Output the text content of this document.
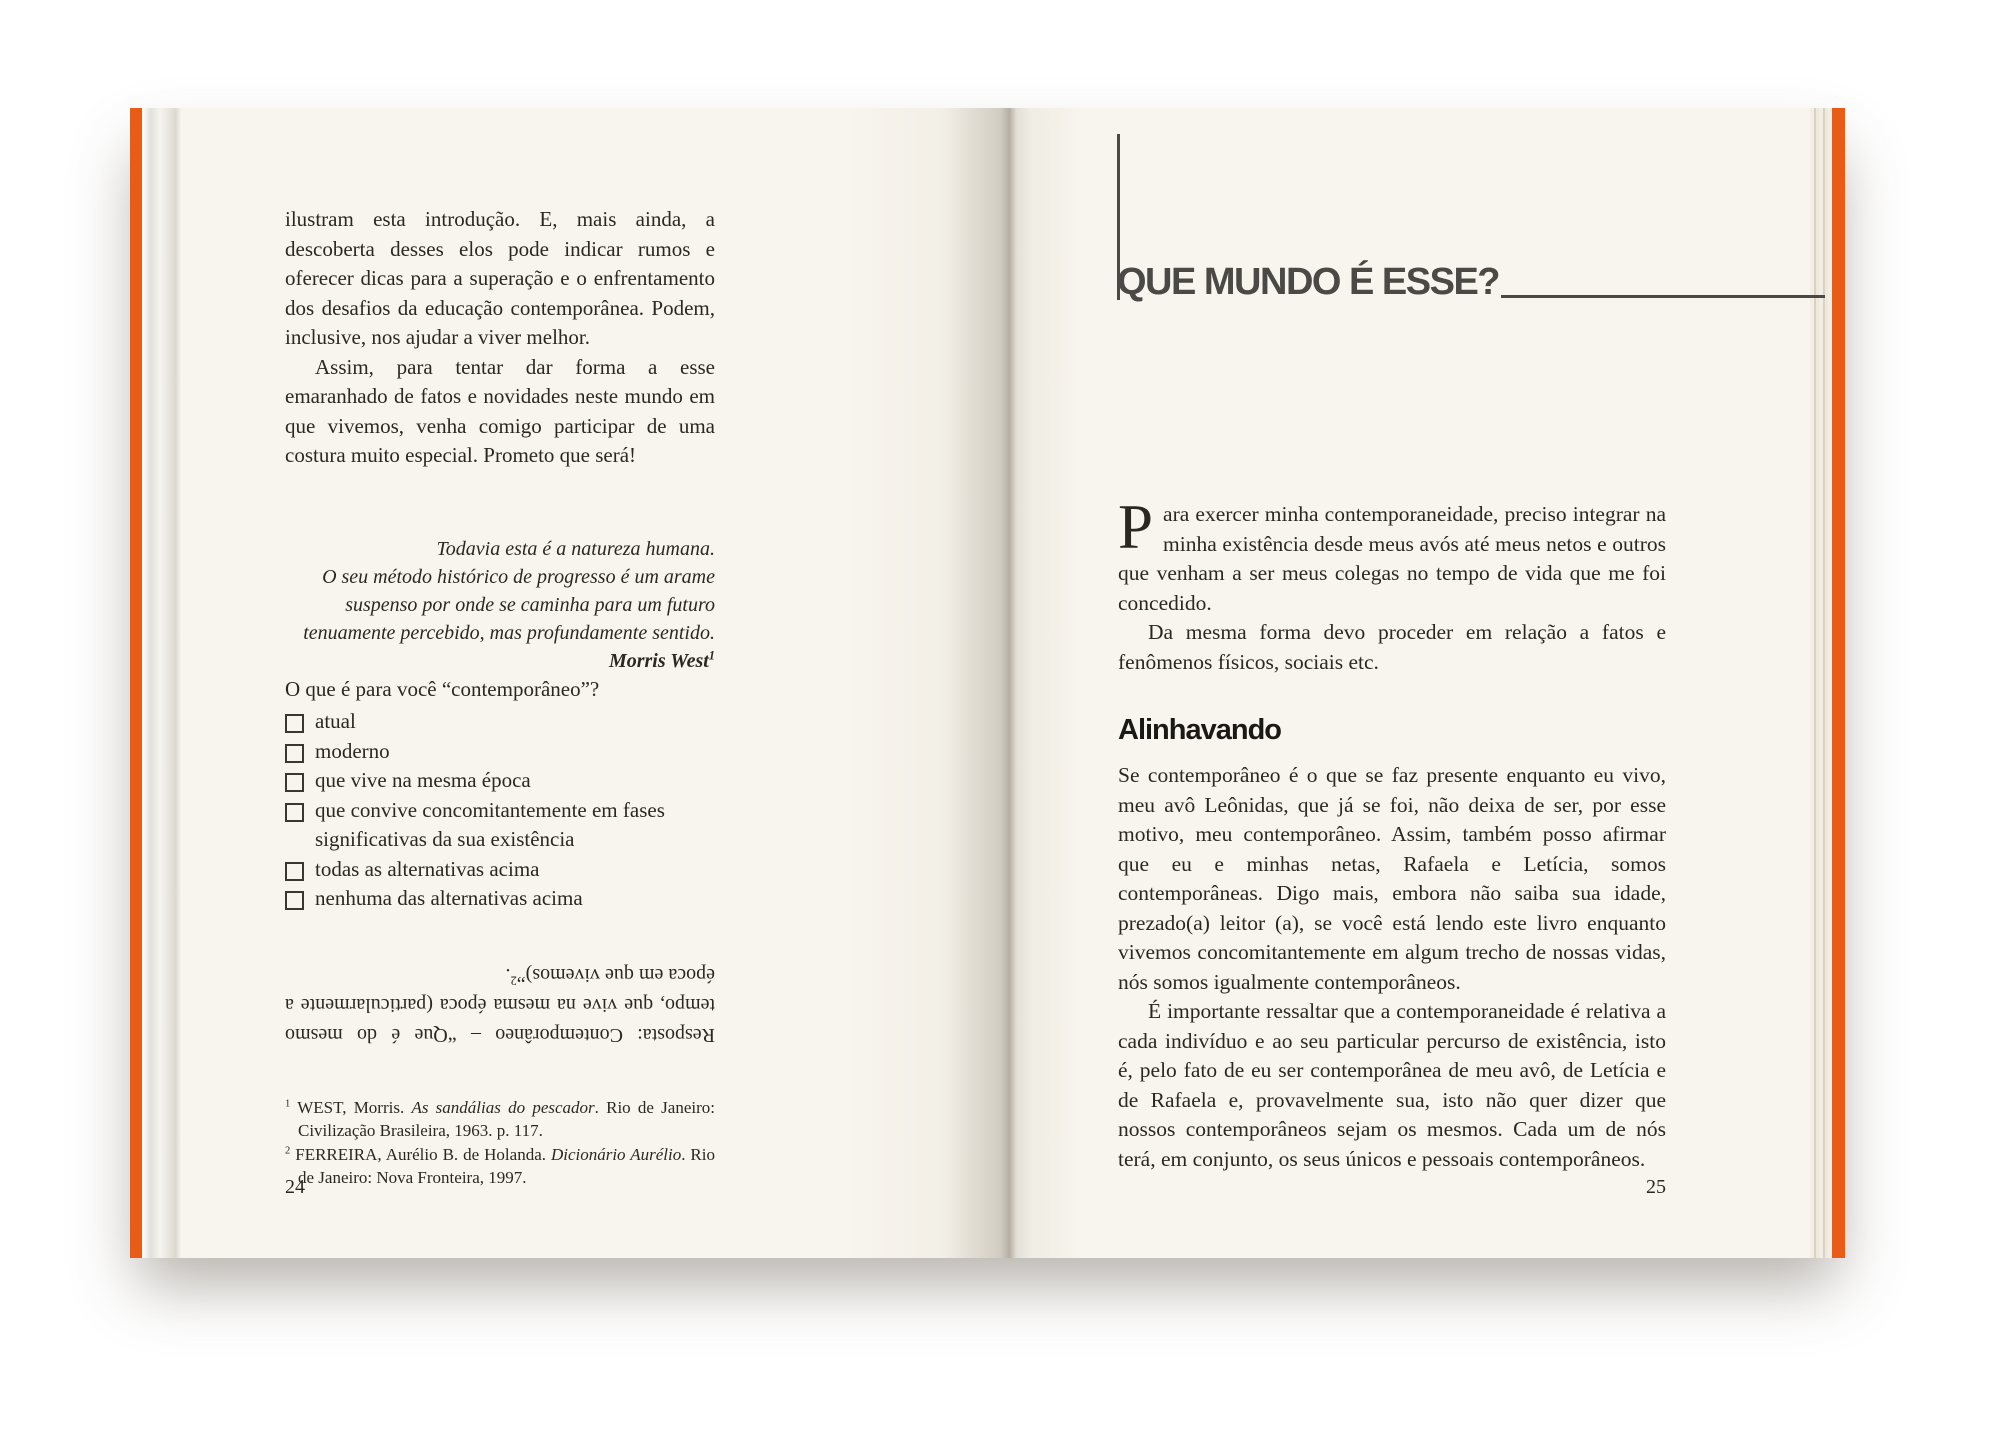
ilustram esta introdução. E, mais ainda, a descoberta desses elos pode indicar rumos e oferecer dicas para a superação e o enfrentamento dos desafios da educação contemporânea. Podem, inclusive, nos ajudar a viver melhor.

Assim, para tentar dar forma a esse emaranhado de fatos e novidades neste mundo em que vivemos, venha comigo participar de uma costura muito especial. Prometo que será!

Todavia esta é a natureza humana.
O seu método histórico de progresso é um arame
suspenso por onde se caminha para um futuro
tenuamente percebido, mas profundamente sentido.
Morris West$^1$

O que é para você “contemporâneo”?

atual
moderno
que vive na mesma época
que convive concomitantemente em fases significativas da sua existência
todas as alternativas acima
nenhuma das alternativas acima
Resposta: Contemporâneo – “Que é do mesmo tempo, que vive na mesma época (particularmente a época em que vivemos)”$^2$.

$^1$ WEST, Morris. As sandálias do pescador. Rio de Janeiro: Civilização Brasileira, 1963. p. 117.

$^2$ FERREIRA, Aurélio B. de Holanda. Dicionário Aurélio. Rio de Janeiro: Nova Fronteira, 1997.

24
QUE MUNDO É ESSE?

Para exercer minha contemporaneidade, preciso integrar na minha existência desde meus avós até meus netos e outros que venham a ser meus colegas no tempo de vida que me foi concedido.

Da mesma forma devo proceder em relação a fatos e fenômenos físicos, sociais etc.

Alinhavando

Se contemporâneo é o que se faz presente enquanto eu vivo, meu avô Leônidas, que já se foi, não deixa de ser, por esse motivo, meu contemporâneo. Assim, também posso afirmar que eu e minhas netas, Rafaela e Letícia, somos contemporâneas. Digo mais, embora não saiba sua idade, prezado(a) leitor (a), se você está lendo este livro enquanto vivemos concomitantemente em algum trecho de nossas vidas, nós somos igualmente contemporâneos.

É importante ressaltar que a contemporaneidade é relativa a cada indivíduo e ao seu particular percurso de existência, isto é, pelo fato de eu ser contemporânea de meu avô, de Letícia e de Rafaela e, provavelmente sua, isto não quer dizer que nossos contemporâneos sejam os mesmos. Cada um de nós terá, em conjunto, os seus únicos e pessoais contemporâneos.

25
